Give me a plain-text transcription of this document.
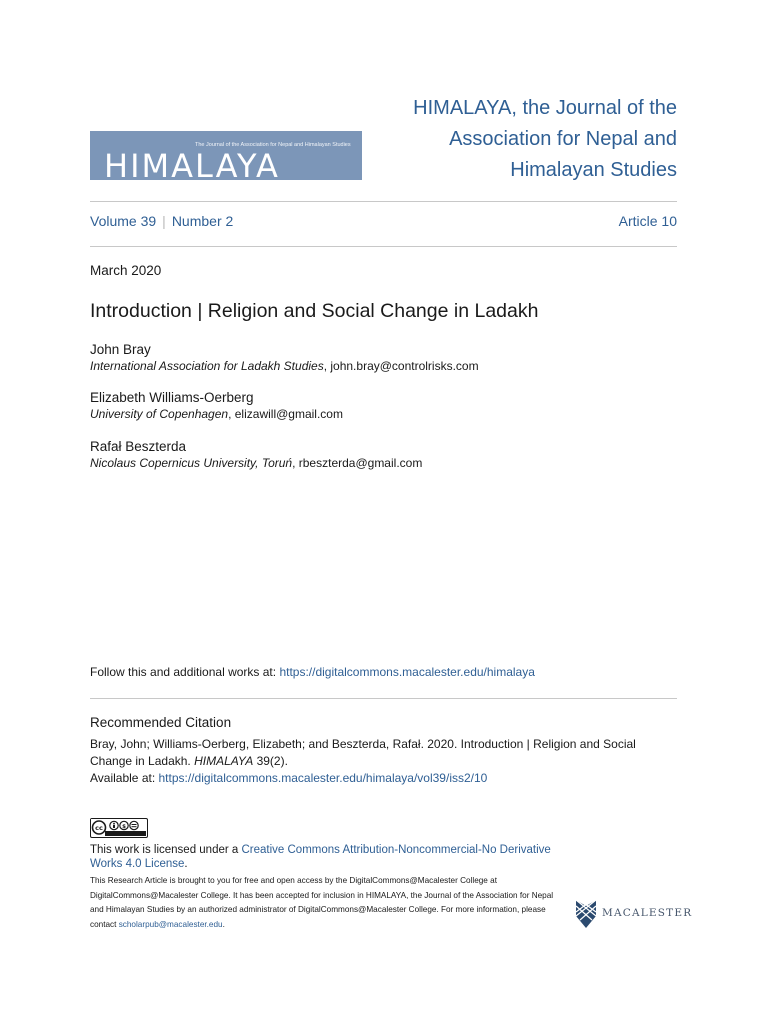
The Journal of the Association for Nepal and Himalayan Studies
HIMALAYA
HIMALAYA, the Journal of the Association for Nepal and Himalayan Studies
Volume 39 | Number 2	Article 10
March 2020
Introduction | Religion and Social Change in Ladakh
John Bray
International Association for Ladakh Studies, john.bray@controlrisks.com
Elizabeth Williams-Oerberg
University of Copenhagen, elizawill@gmail.com
Rafał Beszterda
Nicolaus Copernicus University, Toruń, rbeszterda@gmail.com
Follow this and additional works at: https://digitalcommons.macalester.edu/himalaya
Recommended Citation
Bray, John; Williams-Oerberg, Elizabeth; and Beszterda, Rafał. 2020. Introduction | Religion and Social Change in Ladakh. HIMALAYA 39(2).
Available at: https://digitalcommons.macalester.edu/himalaya/vol39/iss2/10
cc	$
This work is licensed under a Creative Commons Attribution-Noncommercial-No Derivative Works 4.0 License.
This Research Article is brought to you for free and open access by the DigitalCommons@Macalester College at DigitalCommons@Macalester College. It has been accepted for inclusion in HIMALAYA, the Journal of the Association for Nepal and Himalayan Studies by an authorized administrator of DigitalCommons@Macalester College. For more information, please contact scholarpub@macalester.edu.
MACALESTER
